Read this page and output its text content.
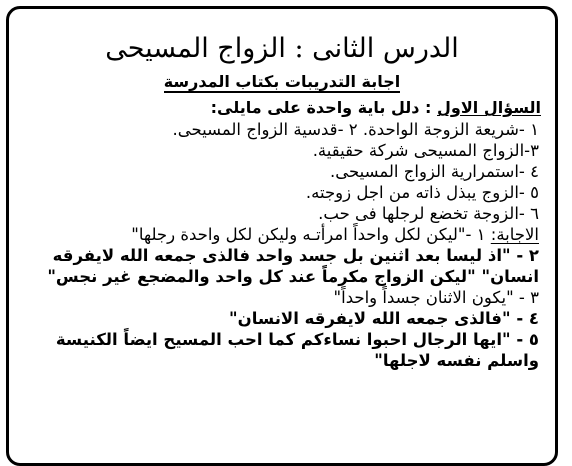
الدرس الثانى : الزواج المسيحى
اجابة التدريبات بكتاب المدرسة
السؤال الاول : دلل باية واحدة على مايلى:
١ -شريعة الزوجة الواحدة. ٢ -قدسية الزواج المسيحى.
٣-الزواج المسيحى شركة حقيقية.
٤ -استمرارية الزواج المسيحى.
٥ -الزوج يبذل ذاته من اجل زوجته.
٦ -الزوجة تخضع لرجلها فى حب.
الاجابة: ١ -"ليكن لكل واحداً امرأتـه وليكن لكل واحدة رجلها"
٢ - "اذ ليسا بعد اثنين بل جسد واحد فالذى جمعه الله لايفرقه انسان" "ليكن الزواج مكرماً عند كل واحد والمضجع غير نجس"
٣ - "يكون الاثنان جسداً واحداً"
٤ - "فالذى جمعه الله لايفرقه الانسان"
٥ - "ايها الرجال احبوا نساءكم كما احب المسيح ايضاً الكنيسة واسلم نفسه لاجلها"
